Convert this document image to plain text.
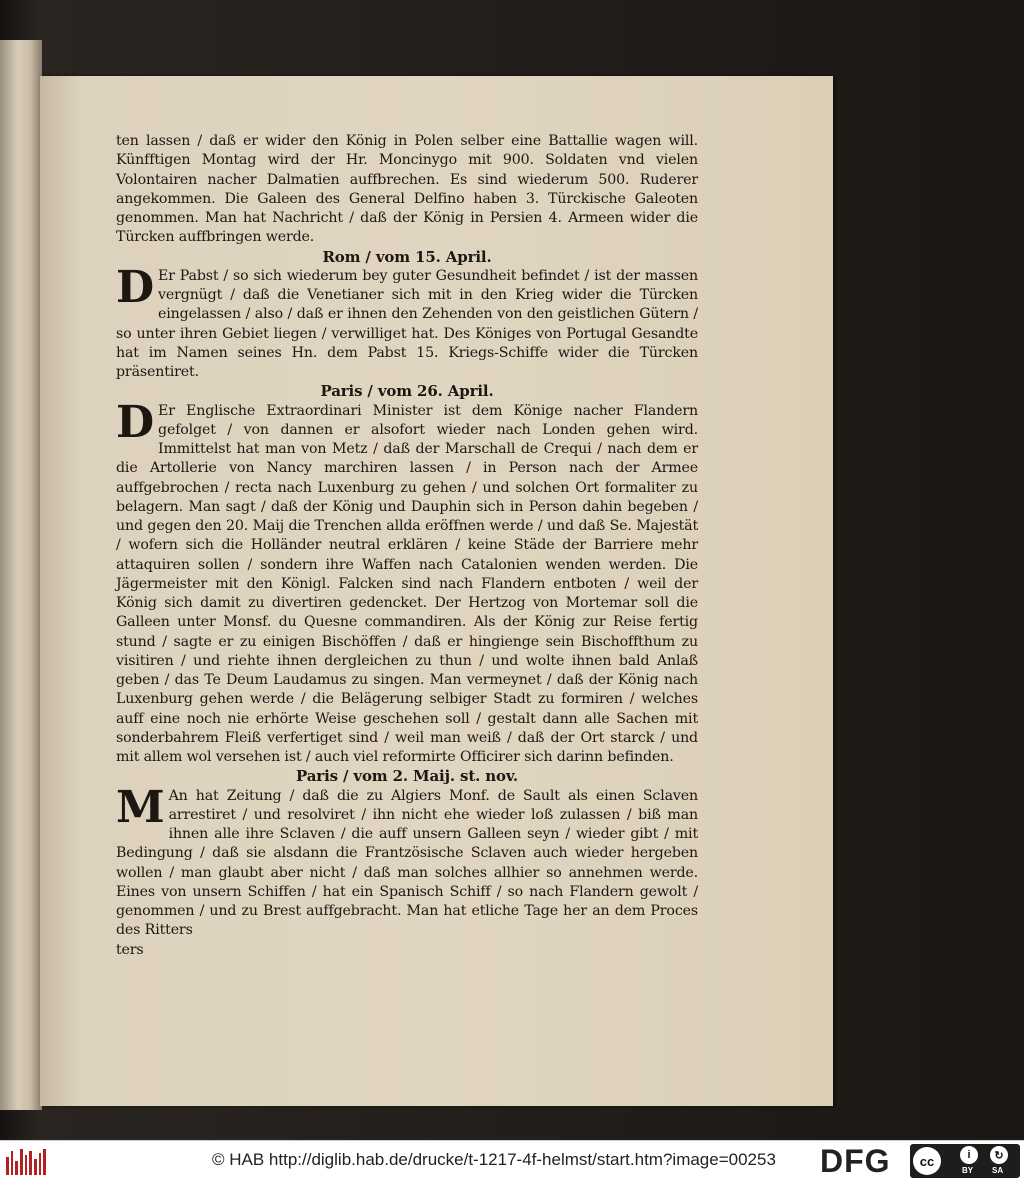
ten lassen / daß er wider den König in Polen selber eine Battallie wagen will. Künfftigen Montag wird der Hr. Moncinygo mit 900. Soldaten vnd vielen Volontairen nacher Dalmatien auffbrechen. Es sind wiederum 500. Ruderer angekommen. Die Galeen des General Delfino haben 3. Türckische Galeoten genommen. Man hat Nachricht / daß der König in Persien 4. Armeen wider die Türcken auffbringen werde.

Rom / vom 15. April.

D Er Pabst / so sich wiederum bey guter Gesundheit befindet / ist der massen vergnügt / daß die Venetianer sich mit in den Krieg wider die Türcken eingelassen / also / daß er ihnen den Zehenden von den geistlichen Gütern / so unter ihren Gebiet liegen / verwilliget hat. Des Königes von Portugal Gesandte hat im Namen seines Hn. dem Pabst 15. Kriegs-Schiffe wider die Türcken präsentiret.

Paris / vom 26. April.

D Er Englische Extraordinari Minister ist dem Könige nacher Flandern gefolget / von dannen er alsofort wieder nach Londen gehen wird. Immittelst hat man von Metz / daß der Marschall de Crequi / nach dem er die Artollerie von Nancy marchiren lassen / in Person nach der Armee auffgebrochen / recta nach Luxenburg zu gehen / und solchen Ort formaliter zu belagern. Man sagt / daß der König und Dauphin sich in Person dahin begeben / und gegen den 20. Maij die Trenchen allda eröffnen werde / und daß Se. Majestät / wofern sich die Holländer neutral erklären / keine Städe der Barriere mehr attaquiren sollen / sondern ihre Waffen nach Catalonien wenden werden. Die Jägermeister mit den Königl. Falcken sind nach Flandern entboten / weil der König sich damit zu divertiren gedencket. Der Hertzog von Mortemar soll die Galleen unter Monsf. du Quesne commandiren. Als der König zur Reise fertig stund / sagte er zu einigen Bischöffen / daß er hingienge sein Bischoffthum zu visitiren / und riehte ihnen dergleichen zu thun / und wolte ihnen bald Anlaß geben / das Te Deum Laudamus zu singen. Man vermeynet / daß der König nach Luxenburg gehen werde / die Belägerung selbiger Stadt zu formiren / welches auff eine noch nie erhörte Weise geschehen soll / gestalt dann alle Sachen mit sonderbahrem Fleiß verfertiget sind / weil man weiß / daß der Ort starck / und mit allem wol versehen ist / auch viel reformirte Officirer sich darinn befinden.

Paris / vom 2. Maij. st. nov.

M An hat Zeitung / daß die zu Algiers Monf. de Sault als einen Sclaven arrestiret / und resolviret / ihn nicht ehe wieder loß zulassen / biß man ihnen alle ihre Sclaven / die auff unsern Galleen seyn / wieder gibt / mit Bedingung / daß sie alsdann die Frantzösische Sclaven auch wieder hergeben wollen / man glaubt aber nicht / daß man solches allhier so annehmen werde. Eines von unsern Schiffen / hat ein Spanisch Schiff / so nach Flandern gewolt / genommen / und zu Brest auffgebracht. Man hat etliche Tage her an dem Proces des Ritters

ters

© HAB http://diglib.hab.de/drucke/t-1217-4f-helmst/start.htm?image=00253 DFG	cc	i
BY
↻
SA
